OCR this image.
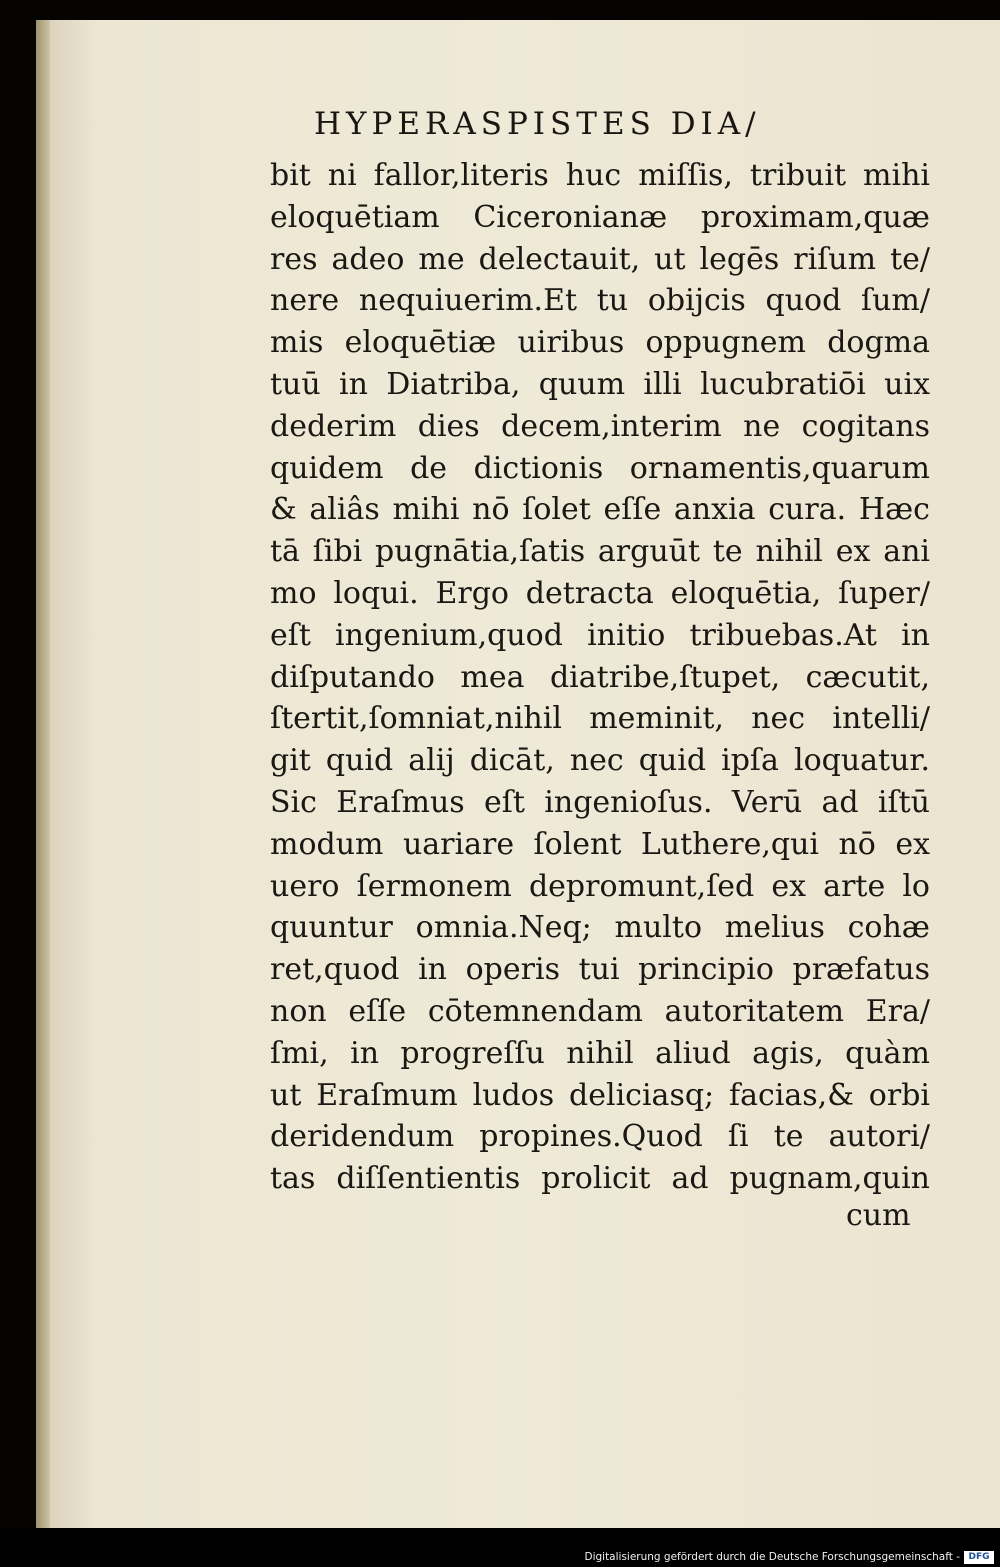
HYPERASPISTES DIA/
bit ni fallor,literis huc miſſis, tribuit mihi
eloquētiam Ciceronianæ proximam,quæ
res adeo me delectauit, ut legēs riſum te/
nere nequiuerim.Et tu obijcis quod ſum/
mis eloquētiæ uiribus oppugnem dogma
tuū in Diatriba, quum illi lucubratiōi uix
dederim dies decem,interim ne cogitans
quidem de dictionis ornamentis,quarum
& aliâs mihi nō ſolet eſſe anxia cura. Hæc
tā ſibi pugnātia,ſatis arguūt te nihil ex ani
mo loqui. Ergo detracta eloquētia, ſuper/
eſt ingenium,quod initio tribuebas.At in
diſputando mea diatribe,ſtupet, cæcutit,
ſtertit,ſomniat,nihil meminit, nec intelli/
git quid alij dicāt, nec quid ipſa loquatur.
Sic Eraſmus eſt ingenioſus. Verū ad iſtū
modum uariare ſolent Luthere,qui nō ex
uero ſermonem depromunt,ſed ex arte lo
quuntur omnia.Neq; multo melius cohæ
ret,quod in operis tui principio præfatus
non eſſe cōtemnendam autoritatem Era/
ſmi, in progreſſu nihil aliud agis, quàm
ut Eraſmum ludos deliciasq; facias,& orbi
deridendum propines.Quod ſi te autori/
tas diſſentientis prolicit ad pugnam,quin
cum
Digitalisierung gefördert durch die Deutsche Forschungsgemeinschaft - DFG
